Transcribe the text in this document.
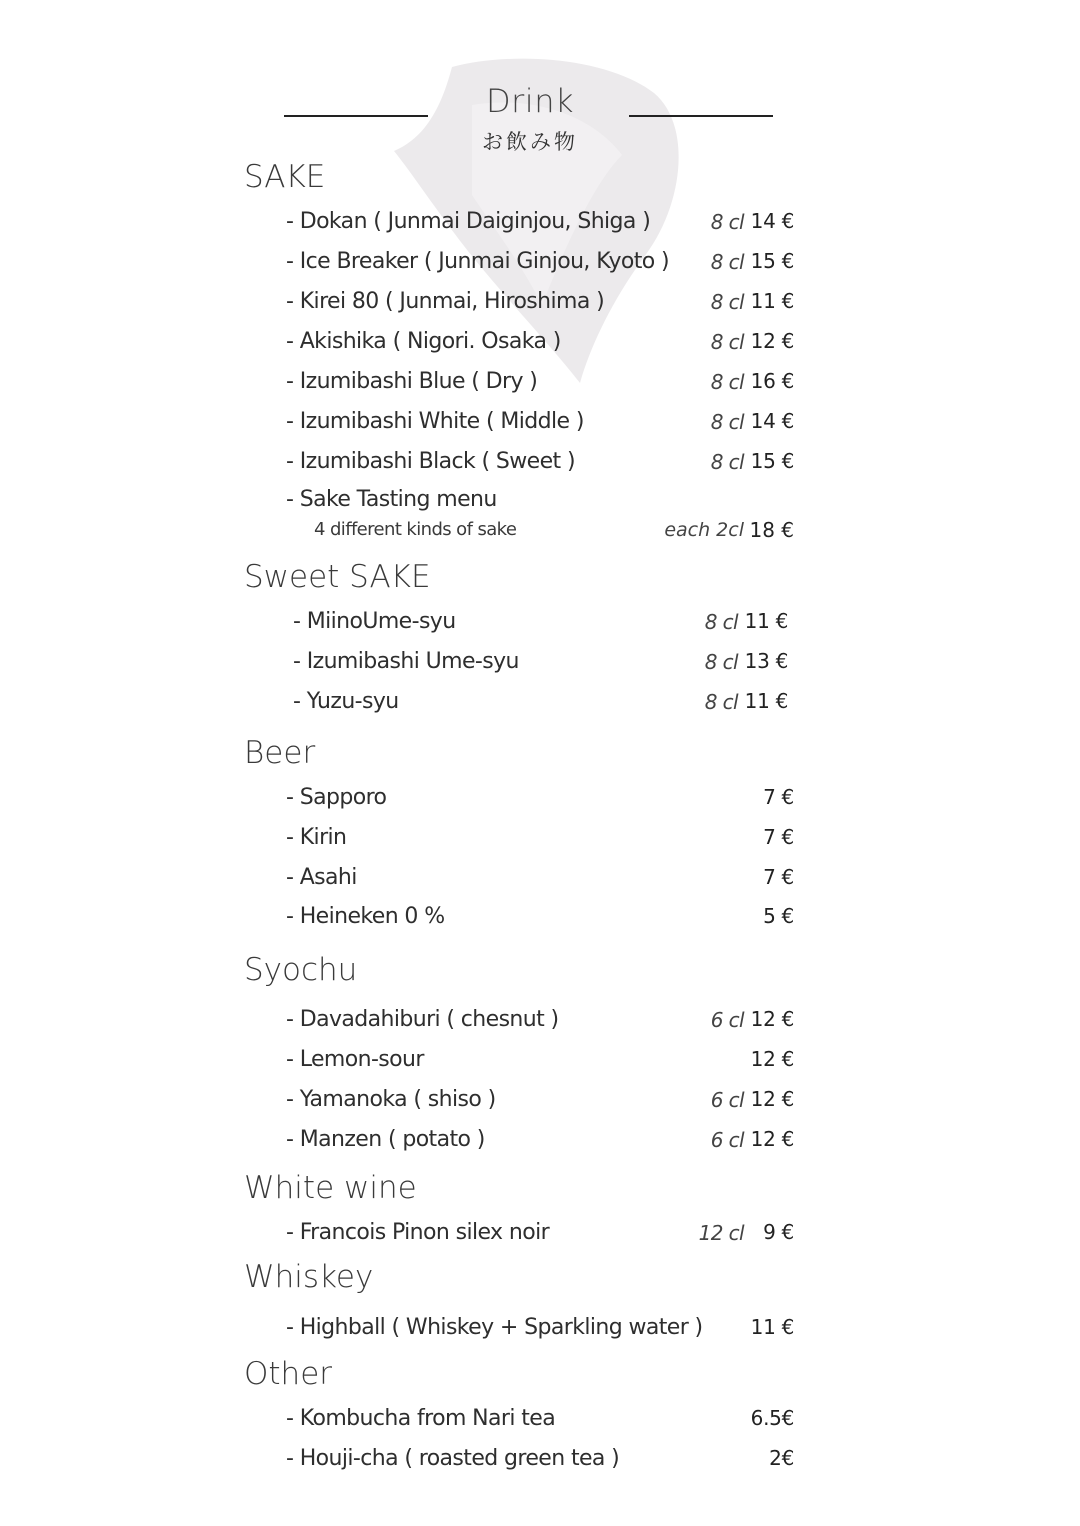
Drink
お飲み物
SAKE
- Dokan ( Junmai Daiginjou, Shiga )	8 cl 14 €
- Ice Breaker ( Junmai Ginjou, Kyoto ) 8 cl 15 €
- Kirei 80 ( Junmai, Hiroshima )	8 cl 11 €
- Akishika ( Nigori. Osaka )	8 cl 12 €
- Izumibashi Blue ( Dry )	8 cl 16 €
- Izumibashi White ( Middle )	8 cl 14 €
- Izumibashi Black ( Sweet )	8 cl 15 €
- Sake Tasting menu
4 different kinds of sake	each 2cl 18 €
Sweet SAKE
- MiinoUme-syu	8 cl 11 €
- Izumibashi Ume-syu	8 cl 13 €
- Yuzu-syu	8 cl 11 €
Beer
- Sapporo	7 €
- Kirin	7 €
- Asahi	7 €
- Heineken 0 %	5 €
Syochu
- Davadahiburi ( chesnut )	6 cl 12 €
- Lemon-sour	12 €
- Yamanoka ( shiso )	6 cl 12 €
- Manzen ( potato )	6 cl 12 €
White wine
- Francois Pinon silex noir	12 cl 9 €
Whiskey
- Highball ( Whiskey + Sparkling water ) 11 €
Other
- Kombucha from Nari tea	6.5€
- Houji-cha ( roasted green tea )	2€
